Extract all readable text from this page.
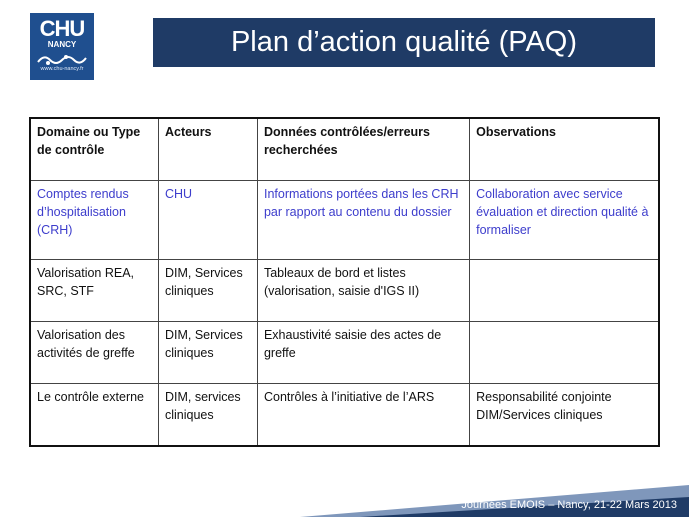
CHU
NANCY
www.chu-nancy.fr
Plan d’action qualité (PAQ)
Domaine ou Type de contrôle	Acteurs	Données contrôlées/erreurs recherchées	Observations
Comptes rendus d’hospitalisation (CRH)	CHU	Informations portées dans les CRH par rapport au contenu du dossier	Collaboration avec service évaluation et direction qualité à formaliser
Valorisation REA, SRC, STF	DIM, Services cliniques	Tableaux de bord et listes (valorisation, saisie d'IGS II)	
Valorisation des activités de greffe	DIM, Services cliniques	Exhaustivité saisie des actes de greffe	
Le contrôle externe	DIM, services cliniques	Contrôles à l’initiative de l’ARS	Responsabilité conjointe DIM/Services cliniques
Journées EMOIS – Nancy, 21-22 Mars 2013
